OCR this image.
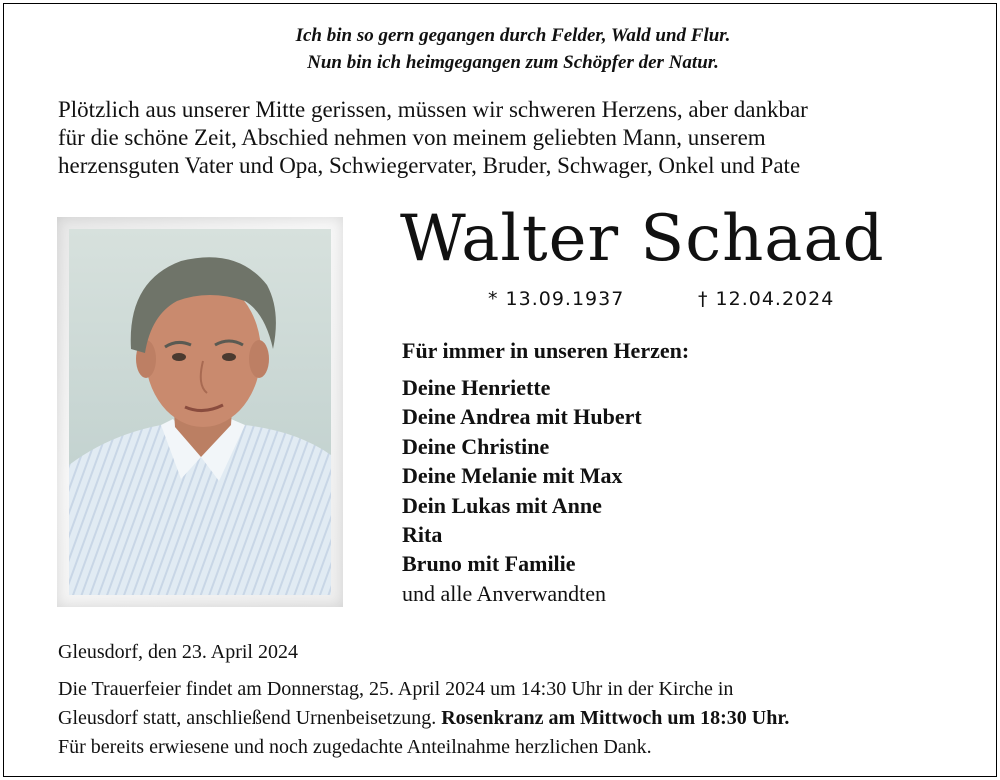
Ich bin so gern gegangen durch Felder, Wald und Flur.
Nun bin ich heimgegangen zum Schöpfer der Natur.
Plötzlich aus unserer Mitte gerissen, müssen wir schweren Herzens, aber dankbar
für die schöne Zeit, Abschied nehmen von meinem geliebten Mann, unserem
herzensguten Vater und Opa, Schwiegervater, Bruder, Schwager, Onkel und Pate
Walter Schaad
* 13.09.1937	† 12.04.2024
Für immer in unseren Herzen:
Deine Henriette
Deine Andrea mit Hubert
Deine Christine
Deine Melanie mit Max
Dein Lukas mit Anne
Rita
Bruno mit Familie
und alle Anverwandten
Gleusdorf, den 23. April 2024
Die Trauerfeier findet am Donnerstag, 25. April 2024 um 14:30 Uhr in der Kirche in
Gleusdorf statt, anschließend Urnenbeisetzung. Rosenkranz am Mittwoch um 18:30 Uhr.
Für bereits erwiesene und noch zugedachte Anteilnahme herzlichen Dank.
